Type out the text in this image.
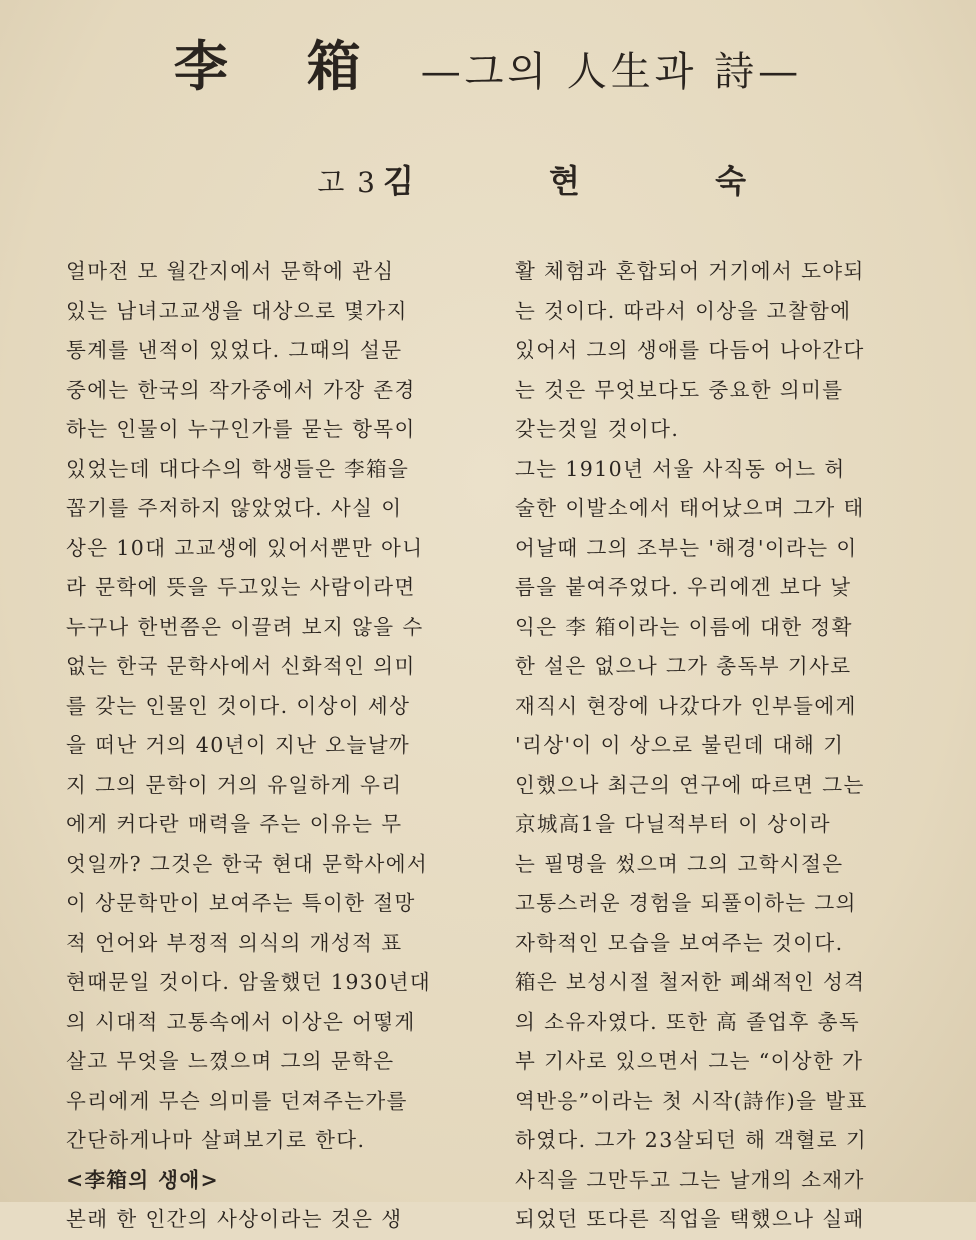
李 箱 —그의 人生과 詩—
고 3 김 현 숙
얼마전 모 월간지에서 문학에 관심
있는 남녀고교생을 대상으로 몇가지
통계를 낸적이 있었다. 그때의 설문
중에는 한국의 작가중에서 가장 존경
하는 인물이 누구인가를 묻는 항목이
있었는데 대다수의 학생들은 李箱을
꼽기를 주저하지 않았었다. 사실 이
상은 10대 고교생에 있어서뿐만 아니
라 문학에 뜻을 두고있는 사람이라면
누구나 한번쯤은 이끌려 보지 않을 수
없는 한국 문학사에서 신화적인 의미
를 갖는 인물인 것이다. 이상이 세상
을 떠난 거의 40년이 지난 오늘날까
지 그의 문학이 거의 유일하게 우리
에게 커다란 매력을 주는 이유는 무
엇일까? 그것은 한국 현대 문학사에서
이 상문학만이 보여주는 특이한 절망
적 언어와 부정적 의식의 개성적 표
현때문일 것이다. 암울했던 1930년대
의 시대적 고통속에서 이상은 어떻게
살고 무엇을 느꼈으며 그의 문학은
우리에게 무슨 의미를 던져주는가를
간단하게나마 살펴보기로 한다.
<李箱의 생애>
본래 한 인간의 사상이라는 것은 생
활 체험과 혼합되어 거기에서 도야되
는 것이다. 따라서 이상을 고찰함에
있어서 그의 생애를 다듬어 나아간다
는 것은 무엇보다도 중요한 의미를
갖는것일 것이다.
그는 1910년 서울 사직동 어느 허
술한 이발소에서 태어났으며 그가 태
어날때 그의 조부는 '해경'이라는 이
름을 붙여주었다. 우리에겐 보다 낯
익은 李 箱이라는 이름에 대한 정확
한 설은 없으나 그가 총독부 기사로
재직시 현장에 나갔다가 인부들에게
'리상'이 이 상으로 불린데 대해 기
인했으나 최근의 연구에 따르면 그는
京城高1을 다닐적부터 이 상이라
는 필명을 썼으며 그의 고학시절은
고통스러운 경험을 되풀이하는 그의
자학적인 모습을 보여주는 것이다.
箱은 보성시절 철저한 폐쇄적인 성격
의 소유자였다. 또한 高 졸업후 총독
부 기사로 있으면서 그는 “이상한 가
역반응”이라는 첫 시작(詩作)을 발표
하였다. 그가 23살되던 해 객혈로 기
사직을 그만두고 그는 날개의 소재가
되었던 또다른 직업을 택했으나 실패
